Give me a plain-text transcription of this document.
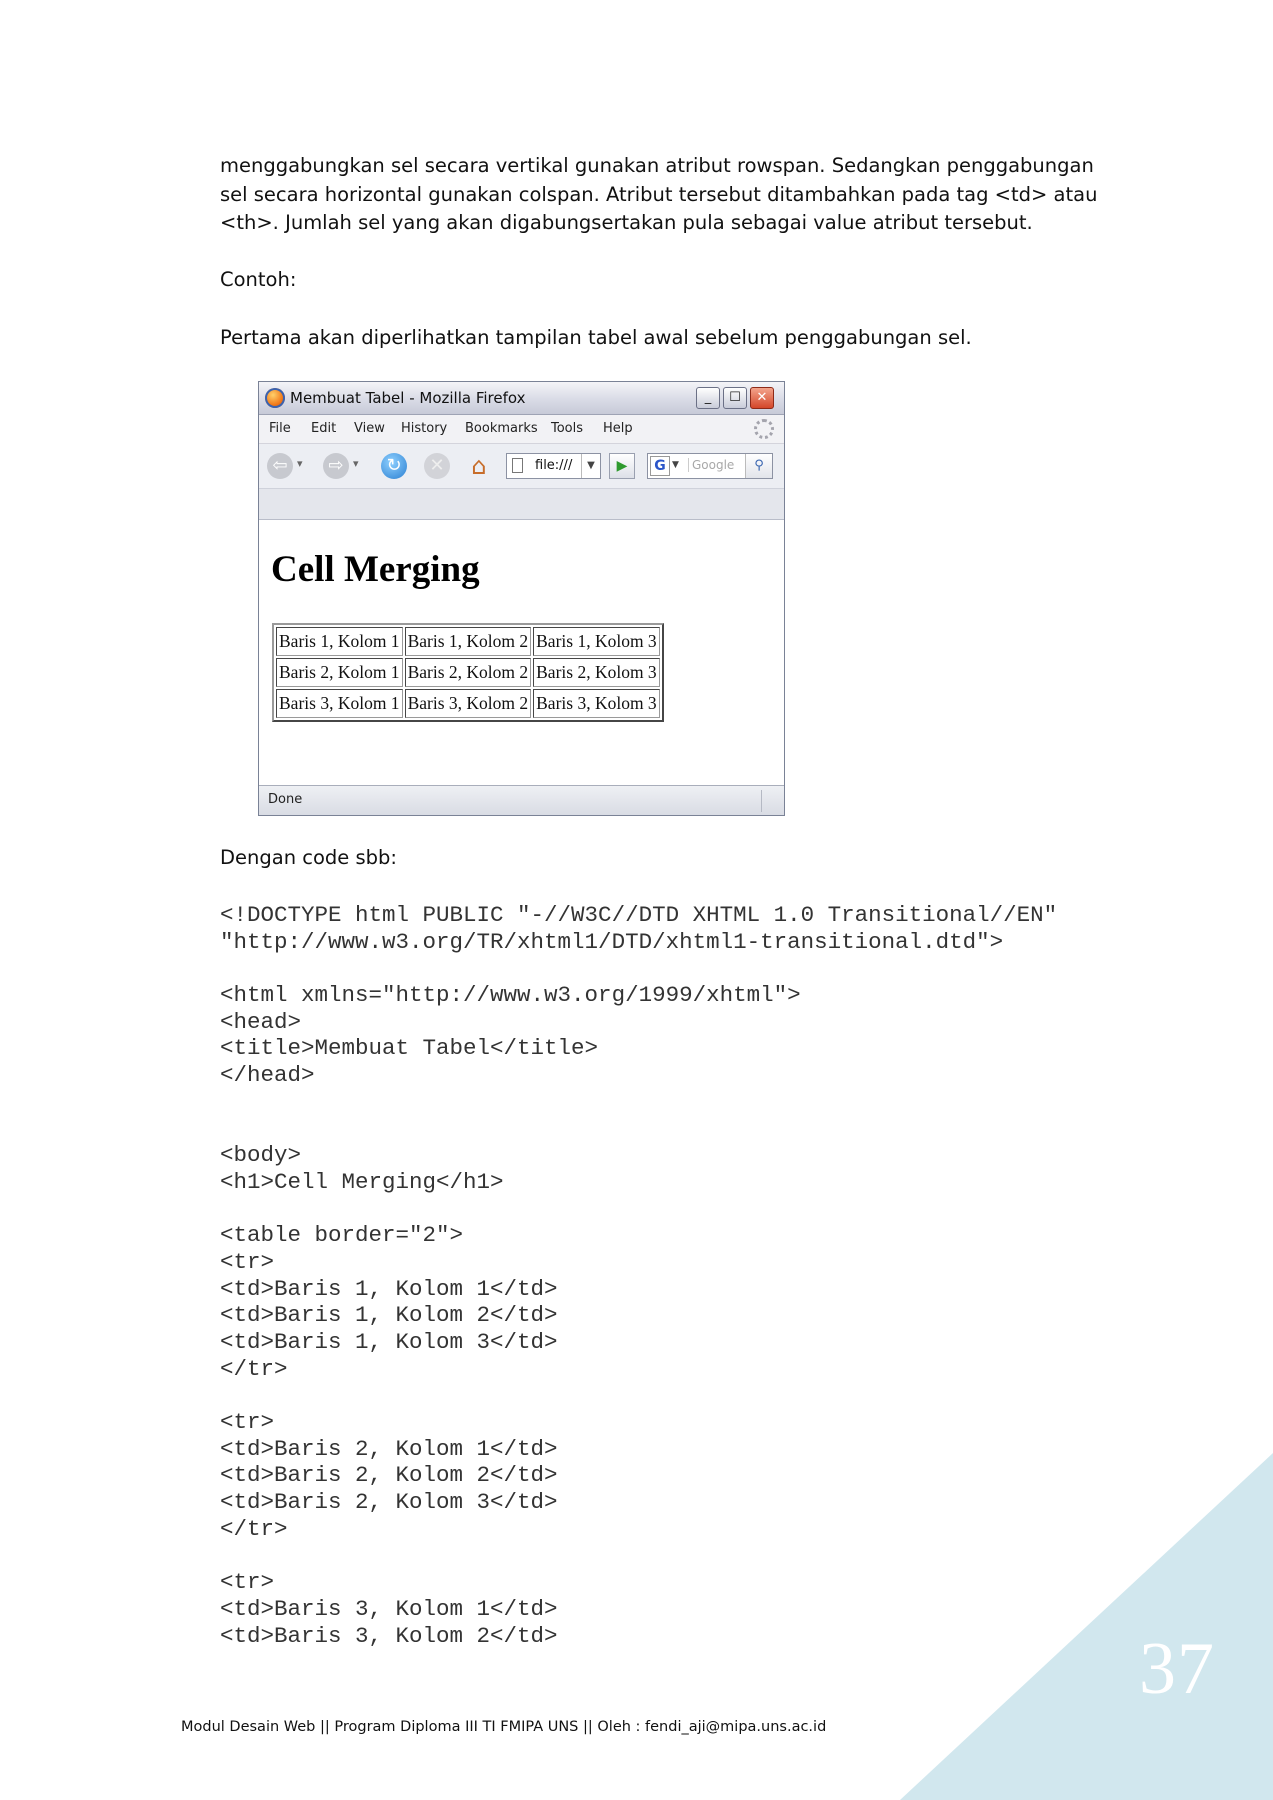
37

menggabungkan sel secara vertikal gunakan atribut rowspan. Sedangkan penggabungan
sel secara horizontal gunakan colspan. Atribut tersebut ditambahkan pada tag <td> atau
<th>. Jumlah sel yang akan digabungsertakan pula sebagai value atribut tersebut.

Contoh:

Pertama akan diperlihatkan tampilan tabel awal sebelum penggabungan sel.

Membuat Tabel - Mozilla Firefox	_	☐	✕
File Edit View History Bookmarks Tools Help
⇦ ▾	⇨ ▾	↻	✕ ⌂	file:///	▼	▶	G ▼	Google	⚲
Cell Merging
Baris 1, Kolom 1	Baris 1, Kolom 2	Baris 1, Kolom 3
Baris 2, Kolom 1	Baris 2, Kolom 2	Baris 2, Kolom 3
Baris 3, Kolom 1	Baris 3, Kolom 2	Baris 3, Kolom 3
Done

Dengan code sbb:

<!DOCTYPE html PUBLIC "-//W3C//DTD XHTML 1.0 Transitional//EN"
"http://www.w3.org/TR/xhtml1/DTD/xhtml1-transitional.dtd">
<html xmlns="http://www.w3.org/1999/xhtml">
<head>
<title>Membuat Tabel</title>
</head>
<body>
<h1>Cell Merging</h1>
<table border="2">
<tr>
<td>Baris 1, Kolom 1</td>
<td>Baris 1, Kolom 2</td>
<td>Baris 1, Kolom 3</td>
</tr>
<tr>
<td>Baris 2, Kolom 1</td>
<td>Baris 2, Kolom 2</td>
<td>Baris 2, Kolom 3</td>
</tr>
<tr>
<td>Baris 3, Kolom 1</td>
<td>Baris 3, Kolom 2</td>
Modul Desain Web || Program Diploma III TI FMIPA UNS || Oleh : fendi_aji@mipa.uns.ac.id
